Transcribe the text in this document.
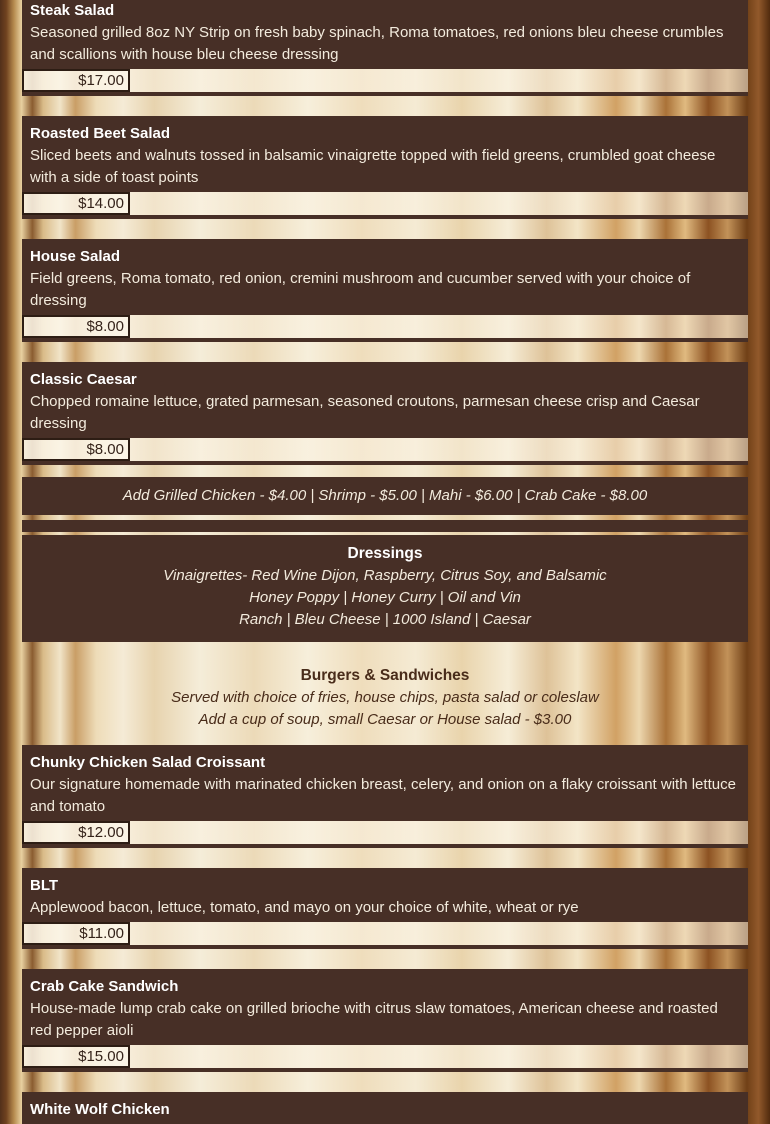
Steak Salad

Seasoned grilled 8oz NY Strip on fresh baby spinach, Roma tomatoes, red onions bleu cheese crumbles and scallions with house bleu cheese dressing

$17.00
Roasted Beet Salad

Sliced beets and walnuts tossed in balsamic vinaigrette topped with field greens, crumbled goat cheese with a side of toast points

$14.00
House Salad

Field greens, Roma tomato, red onion, cremini mushroom and cucumber served with your choice of dressing

$8.00
Classic Caesar

Chopped romaine lettuce, grated parmesan, seasoned croutons, parmesan cheese crisp and Caesar dressing

$8.00

Add Grilled Chicken - $4.00 | Shrimp - $5.00 | Mahi - $6.00 | Crab Cake - $8.00

Dressings

Vinaigrettes- Red Wine Dijon, Raspberry, Citrus Soy, and Balsamic

Honey Poppy | Honey Curry | Oil and Vin

Ranch | Bleu Cheese | 1000 Island | Caesar

Burgers & Sandwiches

Served with choice of fries, house chips, pasta salad or coleslaw

Add a cup of soup, small Caesar or House salad - $3.00

Chunky Chicken Salad Croissant

Our signature homemade with marinated chicken breast, celery, and onion on a flaky croissant with lettuce and tomato

$12.00
BLT

Applewood bacon, lettuce, tomato, and mayo on your choice of white, wheat or rye

$11.00
Crab Cake Sandwich

House-made lump crab cake on grilled brioche with citrus slaw tomatoes, American cheese and roasted red pepper aioli

$15.00
White Wolf Chicken
